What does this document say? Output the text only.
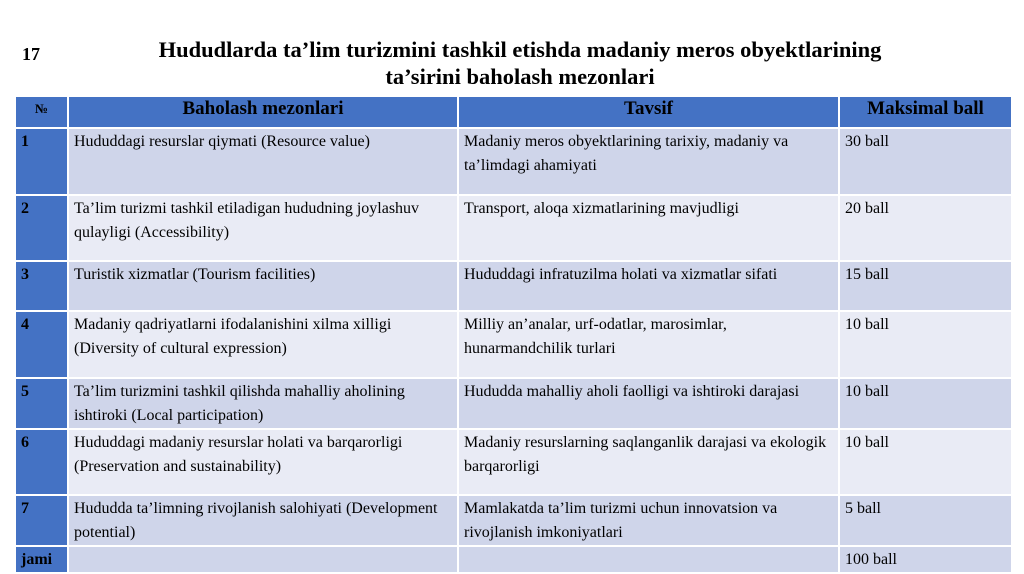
17	Hududlarda ta’lim turizmini tashkil etishda madaniy meros obyektlarining
ta’sirini baholash mezonlari
№	Baholash mezonlari	Tavsif	Maksimal ball
1	Hududdagi resurslar qiymati (Resource value)	Madaniy meros obyektlarining tarixiy, madaniy va ta’limdagi ahamiyati	30 ball
2	Ta’lim turizmi tashkil etiladigan hududning joylashuv qulayligi (Accessibility)	Transport, aloqa xizmatlarining mavjudligi	20 ball
3	Turistik xizmatlar (Tourism facilities)	Hududdagi infratuzilma holati va xizmatlar sifati	15 ball
4	Madaniy qadriyatlarni ifodalanishini xilma xilligi (Diversity of cultural expression)	Milliy an’analar, urf-odatlar, marosimlar, hunarmandchilik turlari	10 ball
5	Ta’lim turizmini tashkil qilishda mahalliy aholining ishtiroki (Local participation)	Hududda mahalliy aholi faolligi va ishtiroki darajasi	10 ball
6	Hududdagi madaniy resurslar holati va barqarorligi (Preservation and sustainability)	Madaniy resurslarning saqlanganlik darajasi va ekologik barqarorligi	10 ball
7	Hududda ta’limning rivojlanish salohiyati (Development potential)	Mamlakatda ta’lim turizmi uchun innovatsion va rivojlanish imkoniyatlari	5 ball
jami			100 ball
